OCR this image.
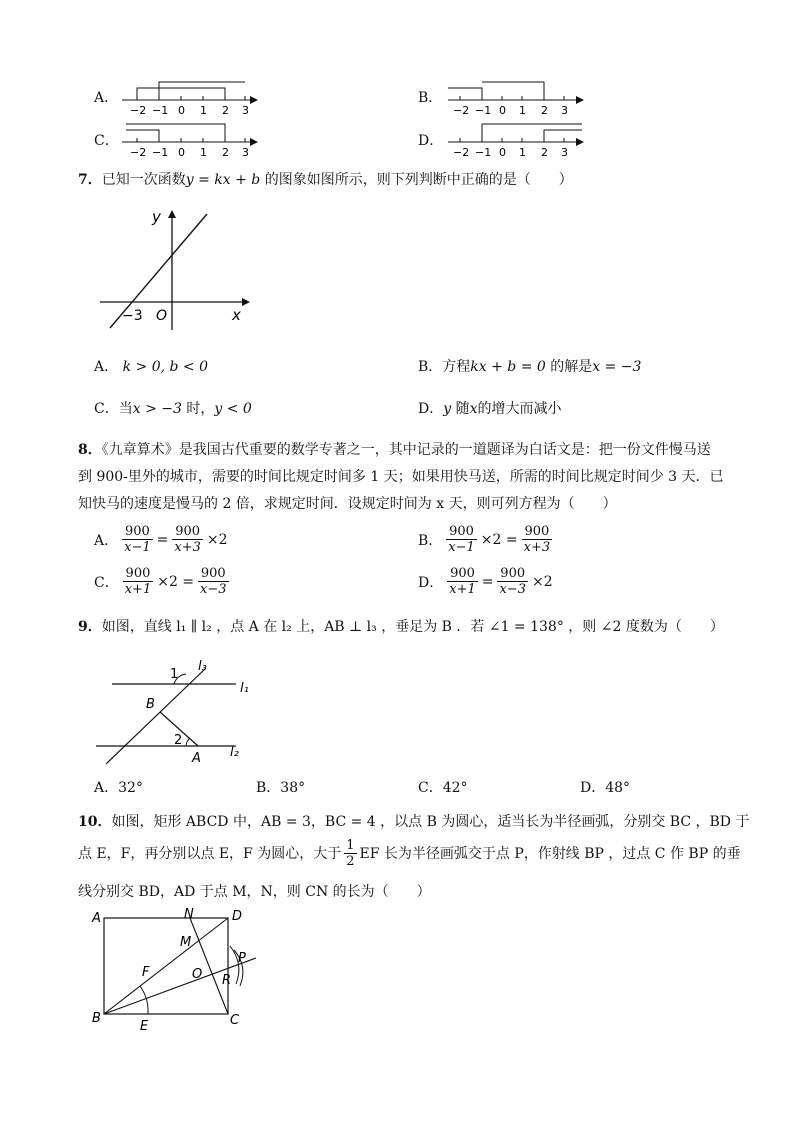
A．
−2 −1 0 1 2 3
B．
−2 −1 0 1 2 3
C．
−2 −1 0 1 2 3
D．
−2 −1 0 1 2 3
7．已知一次函数y = kx + b 的图象如图所示，则下列判断中正确的是（　　）
y
x
O
−3
A． k > 0, b < 0	B．方程kx + b = 0 的解是x = −3
C．当x > −3 时，y < 0	D．y 随x的增大而减小
8．《九章算术》是我国古代重要的数学专著之一，其中记录的一道题译为白话文是：把一份文件慢马送
到 900-里外的城市，需要的时间比规定时间多 1 天；如果用快马送，所需的时间比规定时间少 3 天．已
知快马的速度是慢马的 2 倍，求规定时间．设规定时间为 x 天，则可列方程为（　　）
A． $\frac{900}{x-1} = \frac{900}{x+3} \times 2$	B． $\frac{900}{x-1} \times 2 = \frac{900}{x+3}$
C． $\frac{900}{x+1} \times 2 = \frac{900}{x-3}$	D． $\frac{900}{x+1} = \frac{900}{x-3} \times 2$
9．如图，直线 l₁ ∥ l₂ ，点 A 在 l₂ 上，AB ⊥ l₃ ，垂足为 B ．若 ∠1 = 138° ，则 ∠2 度数为（　　）
1
2
l₃
l₁
l₂
B
A
A．32°	B．38°	C．42°	D．48°
10．如图，矩形 ABCD 中，AB = 3，BC = 4 ，以点 B 为圆心，适当长为半径画弧，分别交 BC ，BD 于
点 E，F，再分别以点 E，F 为圆心，大于 $\frac{1}{2}$ EF 长为半径画弧交于点 P，作射线 BP ，过点 C 作 BP 的垂
线分别交 BD，AD 于点 M，N，则 CN 的长为（　　）
A
B	C
D
E
F
M
N
O
P
R
